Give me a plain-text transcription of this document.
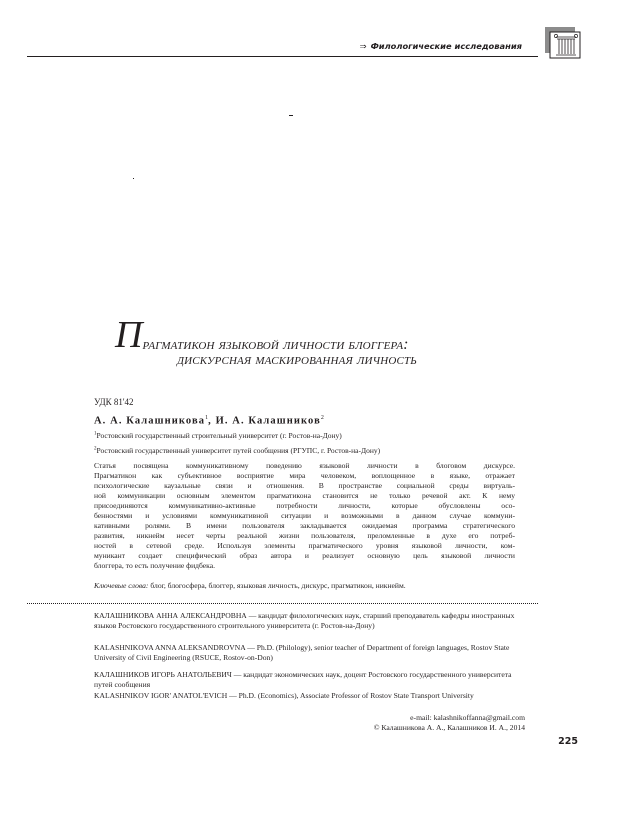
⇒ Филологические исследования
Прагматикон языковой личности блоггера:
дискурсная маскированная личность
УДК 81'42
А. А. Калашникова$^1$, И. А. Калашников$^2$
$^1$Ростовский государственный строительный университет (г. Ростов-на-Дону)
$^2$Ростовский государственный университет путей сообщения (РГУПС, г. Ростов-на-Дону)
Статья посвящена коммуникативному поведению языковой личности в блоговом дискурсе.
Прагматикон как субъективное восприятие мира человеком, воплощенное в языке, отражает
психологические каузальные связи и отношения. В пространстве социальной среды виртуаль-
ной коммуникации основным элементом прагматикона становится не только речевой акт. К нему
присоединяются коммуникативно-активные потребности личности, которые обусловлены осо-
бенностями и условиями коммуникативной ситуации и возможными в данном случае коммуни-
кативными ролями. В имени пользователя закладывается ожидаемая программа стратегического
развития, никнейм несет черты реальной жизни пользователя, преломленные в духе его потреб-
ностей в сетевой среде. Используя элементы прагматического уровня языковой личности, ком-
муникант создает специфический образ автора и реализует основную цель языковой личности
блоггера, то есть получение фидбека.
Ключевые слова: блог, блогосфера, блоггер, языковая личность, дискурс, прагматикон, никнейм.
КАЛАШНИКОВА АННА АЛЕКСАНДРОВНА — кандидат филологических наук, старший преподаватель кафедры иностранных языков Ростовского государственного строительного университета (г. Ростов-на-Дону)
KALASHNIKOVA ANNA ALEKSANDROVNA — Ph.D. (Philology), senior teacher of Department of foreign languages, Rostov State University of Civil Engineering (RSUCE, Rostov-on-Don)
КАЛАШНИКОВ ИГОРЬ АНАТОЛЬЕВИЧ — кандидат экономических наук, доцент Ростовского государственного университета путей сообщения
KALASHNIKOV IGOR' ANATOL'EVICH — Ph.D. (Economics), Associate Professor of Rostov State Transport University
e-mail: kalashnikoffanna@gmail.com
© Калашникова А. А., Калашников И. А., 2014
225
